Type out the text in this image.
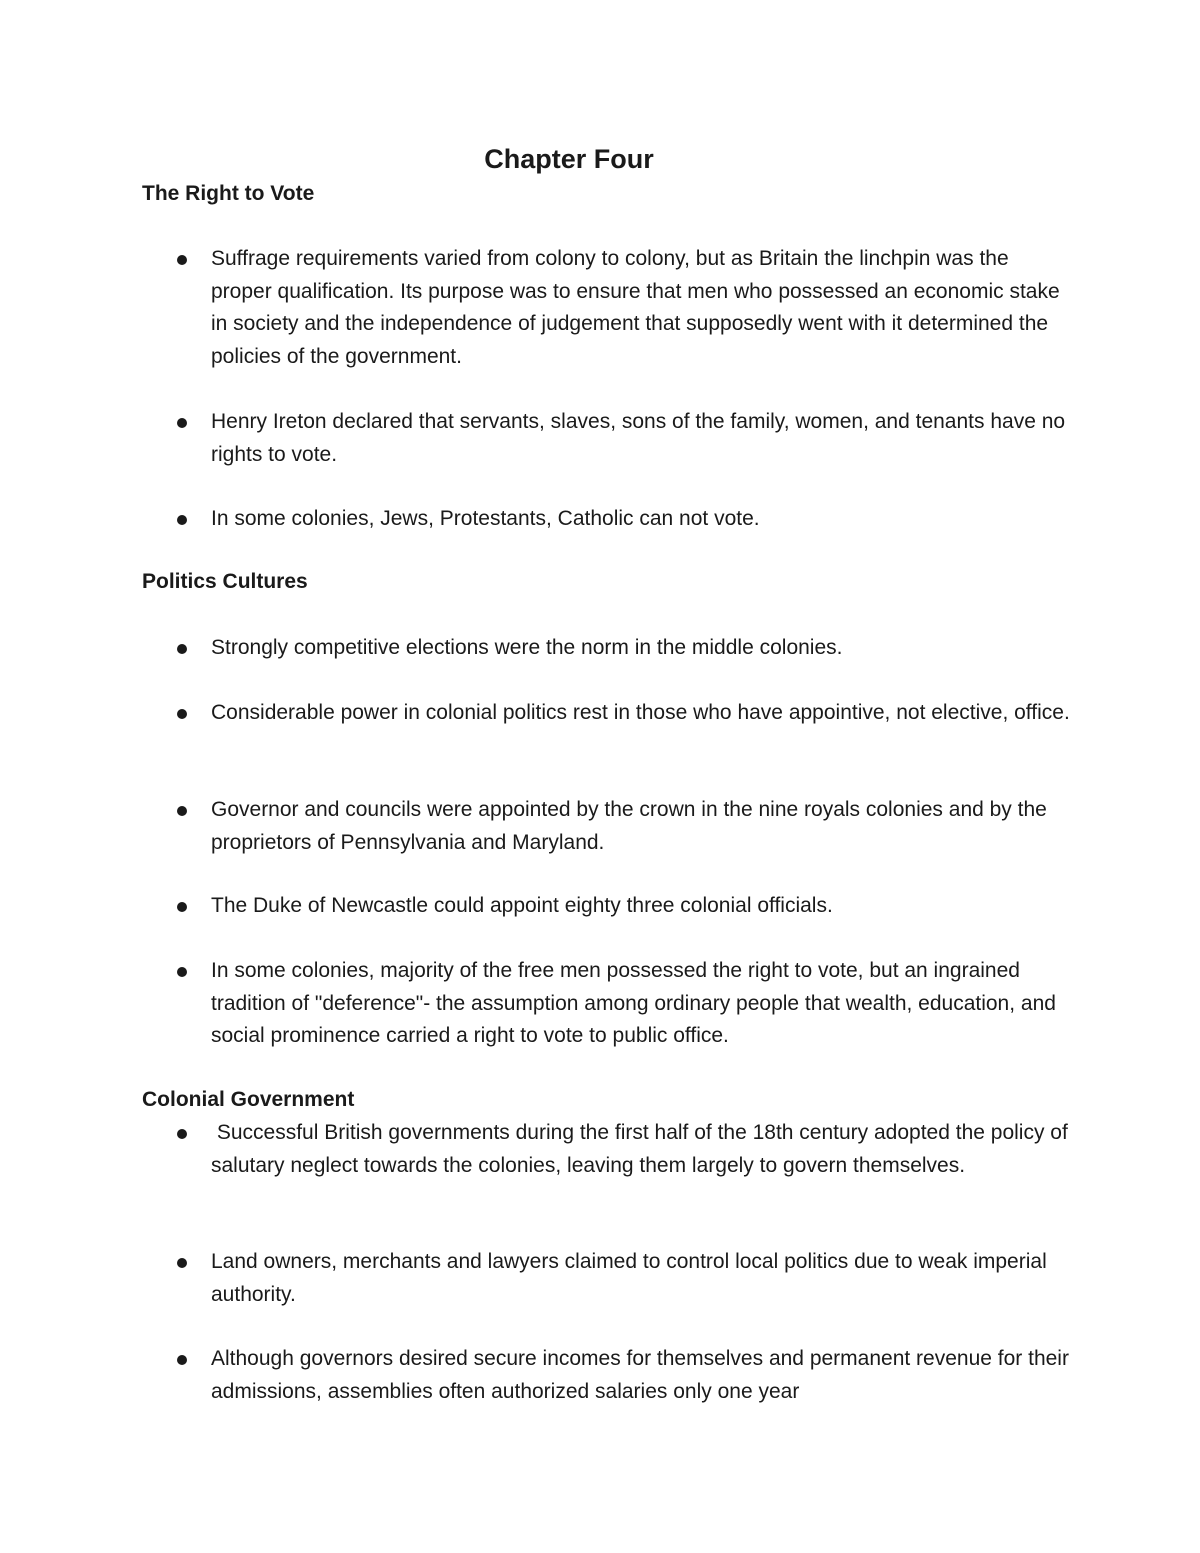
Chapter Four
The Right to Vote
Suffrage requirements varied from colony to colony, but as Britain the linchpin was the proper qualification. Its purpose was to ensure that men who possessed an economic stake in society and the independence of judgement that supposedly went with it determined the policies of the government.
Henry Ireton declared that servants, slaves, sons of the family, women, and tenants have no rights to vote.
In some colonies, Jews, Protestants, Catholic can not vote.
Politics Cultures
Strongly competitive elections were the norm in the middle colonies.
Considerable power in colonial politics rest in those who have appointive, not elective, office.
Governor and councils were appointed by the crown in the nine royals colonies and by the proprietors of Pennsylvania and Maryland.
The Duke of Newcastle could appoint eighty three colonial officials.
In some colonies, majority of the free men possessed the right to vote, but an ingrained tradition of "deference"- the assumption among ordinary people that wealth, education, and social prominence carried a right to vote to public office.
Colonial Government
Successful British governments during the first half of the 18th century adopted the policy of salutary neglect towards the colonies, leaving them largely to govern themselves.
Land owners, merchants and lawyers claimed to control local politics due to weak imperial authority.
Although governors desired secure incomes for themselves and permanent revenue for their admissions, assemblies often authorized salaries only one year
